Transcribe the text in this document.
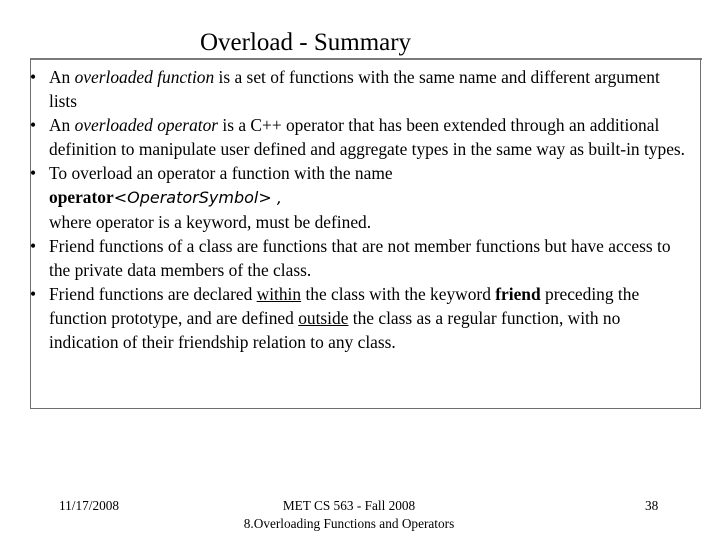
Overload - Summary
• An overloaded function is a set of functions with the same name and different argument lists
• An overloaded operator is a C++ operator that has been extended through an additional definition to manipulate user defined and aggregate types in the same way as built-in types.
• To overload an operator a function with the name
operator<OperatorSymbol> ,
where operator is a keyword, must be defined.
• Friend functions of a class are functions that are not member functions but have access to the private data members of the class.
• Friend functions are declared within the class with the keyword friend preceding the function prototype, and are defined outside the class as a regular function, with no indication of their friendship relation to any class.
11/17/2008	MET CS 563 - Fall 2008
8.Overloading Functions and Operators
38
